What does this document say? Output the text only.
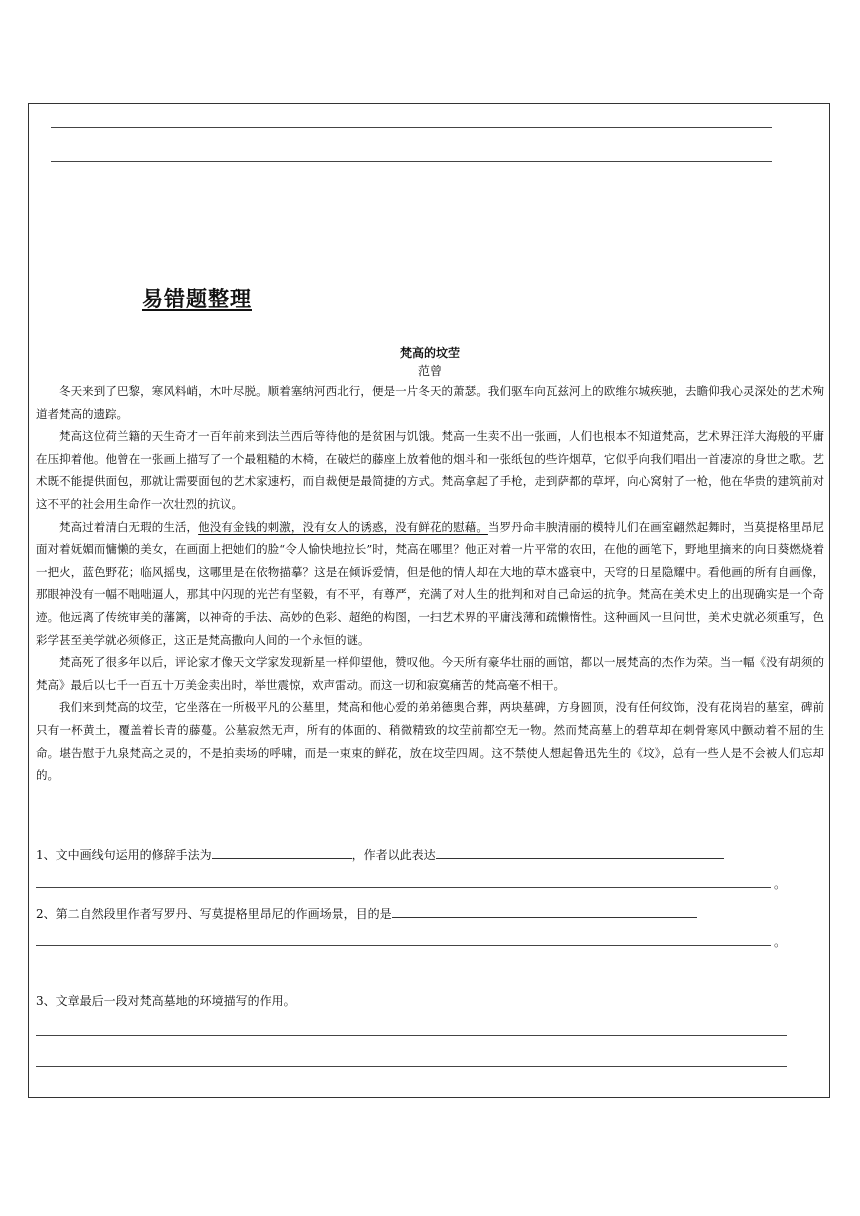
易错题整理
梵高的坟茔
范曾

冬天来到了巴黎，寒风料峭，木叶尽脱。顺着塞纳河西北行，便是一片冬天的萧瑟。我们驱车向瓦兹河上的欧维尔城疾驰，去瞻仰我心灵深处的艺术殉道者梵高的遗踪。

梵高这位荷兰籍的天生奇才一百年前来到法兰西后等待他的是贫困与饥饿。梵高一生卖不出一张画，人们也根本不知道梵高，艺术界汪洋大海般的平庸在压抑着他。他曾在一张画上描写了一个最粗糙的木椅，在破烂的藤座上放着他的烟斗和一张纸包的些许烟草，它似乎向我们唱出一首凄凉的身世之歌。艺术既不能提供面包，那就让需要面包的艺术家速朽，而自裁便是最简捷的方式。梵高拿起了手枪，走到萨都的草坪，向心窝射了一枪，他在华贵的建筑前对这不平的社会用生命作一次壮烈的抗议。

梵高过着清白无瑕的生活，他没有金钱的刺激，没有女人的诱惑，没有鲜花的慰藉。当罗丹命丰腴清丽的模特儿们在画室翩然起舞时，当莫提格里昂尼面对着妩媚而慵懒的美女，在画面上把她们的脸“令人愉快地拉长”时，梵高在哪里？他正对着一片平常的农田，在他的画笔下，野地里摘来的向日葵燃烧着一把火，蓝色野花；临风摇曳，这哪里是在依物描摹？这是在倾诉爱情，但是他的情人却在大地的草木盛衰中，天穹的日星隐耀中。看他画的所有自画像，那眼神没有一幅不咄咄逼人，那其中闪现的光芒有坚毅，有不平，有尊严，充满了对人生的批判和对自己命运的抗争。梵高在美术史上的出现确实是一个奇迹。他远离了传统审美的藩篱，以神奇的手法、高妙的色彩、超绝的构图，一扫艺术界的平庸浅薄和疏懒惰性。这种画风一旦问世，美术史就必须重写，色彩学甚至美学就必须修正，这正是梵高撒向人间的一个永恒的谜。

梵高死了很多年以后，评论家才像天文学家发现新星一样仰望他，赞叹他。今天所有豪华壮丽的画馆，都以一展梵高的杰作为荣。当一幅《没有胡须的梵高》最后以七千一百五十万美金卖出时，举世震惊，欢声雷动。而这一切和寂寞痛苦的梵高毫不相干。

我们来到梵高的坟茔，它坐落在一所极平凡的公墓里，梵高和他心爱的弟弟德奥合葬，两块墓碑，方身圆顶，没有任何纹饰，没有花岗岩的墓室，碑前只有一杯黄土，覆盖着长青的藤蔓。公墓寂然无声，所有的体面的、稍微精致的坟茔前都空无一物。然而梵高墓上的碧草却在刺骨寒风中颤动着不屈的生命。堪告慰于九泉梵高之灵的，不是拍卖场的呼啸，而是一束束的鲜花，放在坟茔四周。这不禁使人想起鲁迅先生的《坟》，总有一些人是不会被人们忘却的。

1、文中画线句运用的修辞手法为	，作者以此表达
。
2、第二自然段里作者写罗丹、写莫提格里昂尼的作画场景，目的是
。
3、文章最后一段对梵高墓地的环境描写的作用。
